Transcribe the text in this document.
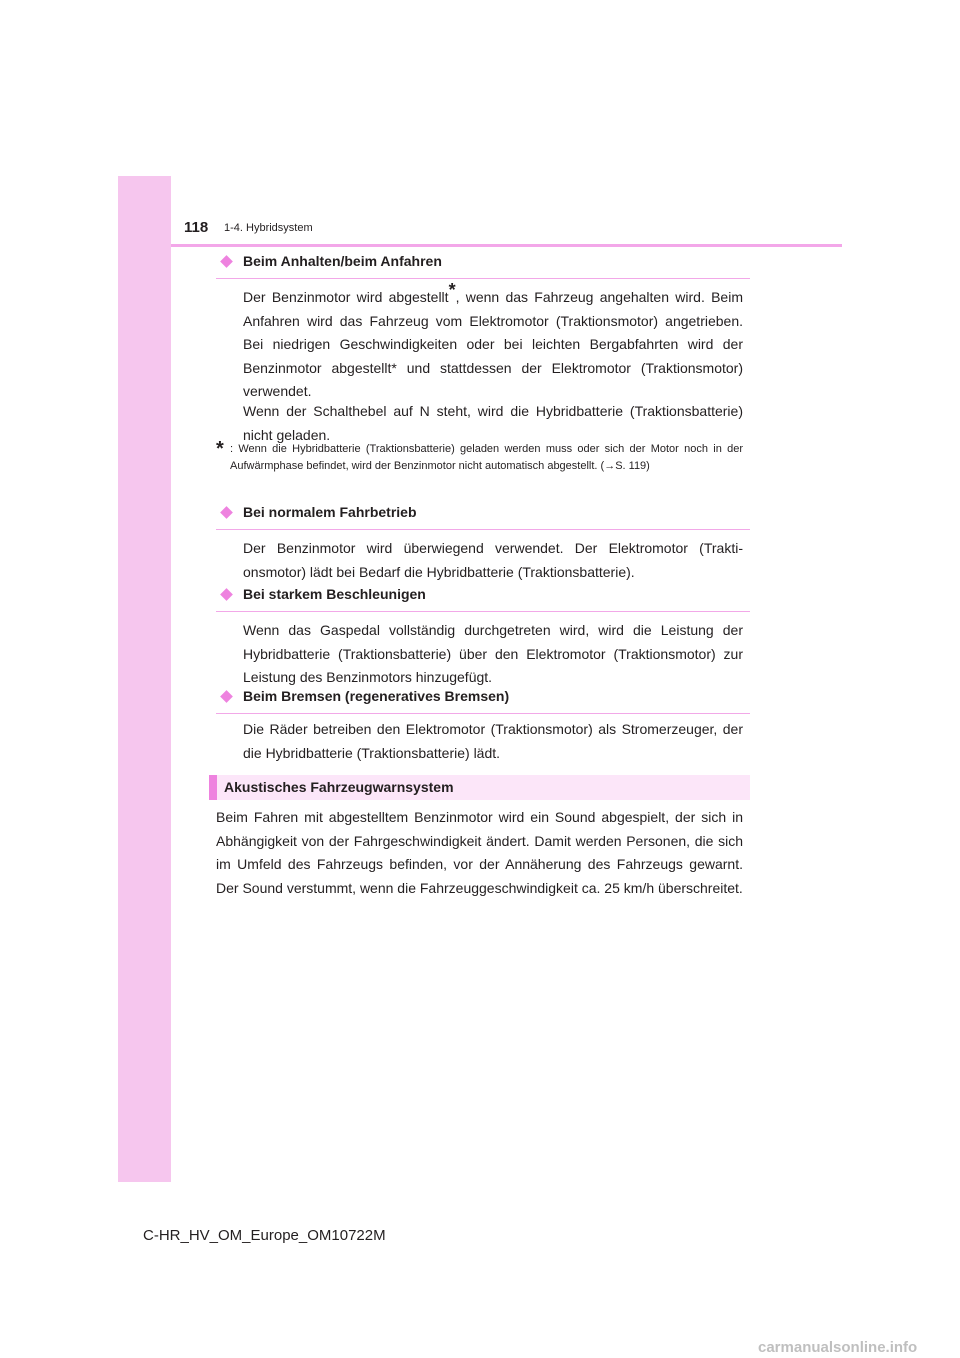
118 1-4. Hybridsystem
Beim Anhalten/beim Anfahren

Der Benzinmotor wird abgestellt*, wenn das Fahrzeug angehalten wird. Beim Anfahren wird das Fahrzeug vom Elektromotor (Traktionsmotor) angetrieben. Bei niedrigen Geschwindigkeiten oder bei leichten Bergabfahrten wird der Benzinmotor abgestellt* und stattdessen der Elektromotor (Traktionsmotor) verwendet.

Wenn der Schalthebel auf N steht, wird die Hybridbatterie (Traktionsbatterie) nicht geladen.

* : Wenn die Hybridbatterie (Traktionsbatterie) geladen werden muss oder sich der Motor noch in der Aufwärmphase befindet, wird der Benzinmotor nicht automatisch abgestellt. (→S. 119)

Bei normalem Fahrbetrieb

Der Benzinmotor wird überwiegend verwendet. Der Elektromotor (Traktionsmotor) lädt bei Bedarf die Hybridbatterie (Traktionsbatterie).

Bei starkem Beschleunigen

Wenn das Gaspedal vollständig durchgetreten wird, wird die Leistung der Hybridbatterie (Traktionsbatterie) über den Elektromotor (Traktionsmotor) zur Leistung des Benzinmotors hinzugefügt.

Beim Bremsen (regeneratives Bremsen)

Die Räder betreiben den Elektromotor (Traktionsmotor) als Stromerzeuger, der die Hybridbatterie (Traktionsbatterie) lädt.

Akustisches Fahrzeugwarnsystem

Beim Fahren mit abgestelltem Benzinmotor wird ein Sound abgespielt, der sich in Abhängigkeit von der Fahrgeschwindigkeit ändert. Damit werden Personen, die sich im Umfeld des Fahrzeugs befinden, vor der Annäherung des Fahrzeugs gewarnt. Der Sound verstummt, wenn die Fahrzeuggeschwindigkeit ca. 25 km/h überschreitet.

C-HR_HV_OM_Europe_OM10722M
carmanualsonline.info
